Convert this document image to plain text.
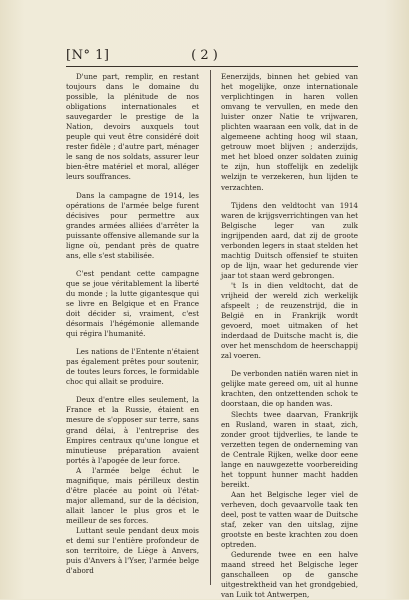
[N° 1]	( 2 )

D'une part, remplir, en restant toujours dans le domaine du possible, la plénitude de nos obligations internationales et sauvegarder le prestige de la Nation, devoirs auxquels tout peuple qui veut être considéré doit rester fidèle ; d'autre part, ménager le sang de nos soldats, assurer leur bien-être matériel et moral, alléger leurs souffrances.

Dans la campagne de 1914, les opérations de l'armée belge furent décisives pour permettre aux grandes armées alliées d'arrêter la puissante offensive allemande sur la ligne où, pendant près de quatre ans, elle s'est stabilisée.

C'est pendant cette campagne que se joue véritablement la liberté du monde ; la lutte gigantesque qui se livre en Belgique et en France doit décider si, vraiment, c'est désormais l'hégémonie allemande qui régira l'humanité.

Les nations de l'Entente n'étaient pas également prêtes pour soutenir, de toutes leurs forces, le formidable choc qui allait se produire.

Deux d'entre elles seulement, la France et la Russie, étaient en mesure de s'opposer sur terre, sans grand délai, à l'entreprise des Empires centraux qu'une longue et minutieuse préparation avaient portés à l'apogée de leur force.

A l'armée belge échut le magnifique, mais périlleux destin d'être placée au point où l'état-major allemand, sur de la décision, allait lancer le plus gros et le meilleur de ses forces.

Luttant seule pendant deux mois et demi sur l'entière profondeur de son territoire, de Liège à Anvers, puis d'Anvers à l'Yser, l'armée belge d'abord

Eenerzijds, binnen het gebied van het mogelijke, onze internationale verplichtingen in haren vollen omvang te vervullen, en mede den luister onzer Natie te vrijwaren, plichten waaraan een volk, dat in de algemeene achting hoog wil staan, getrouw moet blijven ; anderzijds, met het bloed onzer soldaten zuinig te zijn, hun stoffelijk en zedelijk welzijn te verzekeren, hun lijden te verzachten.

Tijdens den veldtocht van 1914 waren de krijgsverrichtingen van het Belgische leger van zulk ingrijpenden aard, dat zij de groote verbonden legers in staat stelden het machtig Duitsch offensief te stuiten op de lijn, waar het gedurende vier jaar tot staan werd gebrongen.

't Is in dien veldtocht, dat de vrijheid der wereld zich werkelijk afspeelt ; de reuzenstrijd, die in België en in Frankrijk wordt gevoerd, moet uitmaken of het inderdaad de Duitsche macht is, die over het menschdom de heerschappij zal voeren.

De verbonden natiën waren niet in gelijke mate gereed om, uit al hunne krachten, den ontzettenden schok te doorstaan, die op handen was.

Slechts twee daarvan, Frankrijk en Rusland, waren in staat, zich, zonder groot tijdverlies, te lande te verzetten tegen de onderneming van de Centrale Rijken, welke door eene lange en nauwgezette voorbereiding het toppunt hunner macht hadden bereikt.

Aan het Belgische leger viel de verheven, doch gevaarvolle taak ten deel, post te vatten waar de Duitsche staf, zeker van den uitslag, zijne grootste en beste krachten zou doen optreden.

Gedurende twee en een halve maand streed het Belgische leger ganschalleen op de gansche uitgestrektheid van het grondgebied, van Luik tot Antwerpen,
